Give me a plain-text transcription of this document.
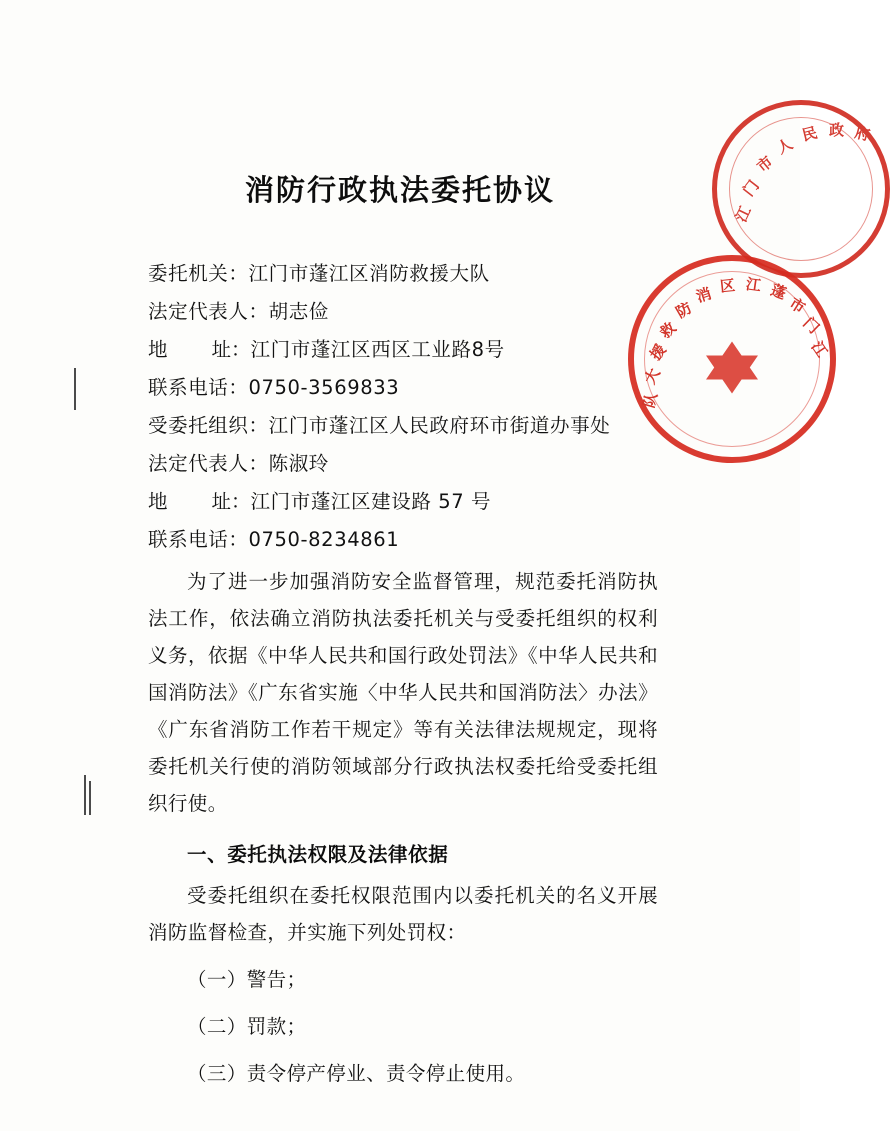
江
门
市
人
民 政 府
队
大
援
救
防
消 区 江 蓬
市
门
江
消防行政执法委托协议
委托机关：江门市蓬江区消防救援大队
法定代表人：胡志俭
地 址：江门市蓬江区西区工业路8号
联系电话：0750-3569833
受委托组织：江门市蓬江区人民政府环市街道办事处
法定代表人：陈淑玲
地 址：江门市蓬江区建设路 57 号
联系电话：0750-8234861

为了进一步加强消防安全监督管理，规范委托消防执法工作，依法确立消防执法委托机关与受委托组织的权利义务，依据《中华人民共和国行政处罚法》《中华人民共和国消防法》《广东省实施〈中华人民共和国消防法〉办法》《广东省消防工作若干规定》等有关法律法规规定，现将委托机关行使的消防领域部分行政执法权委托给受委托组织行使。

一、委托执法权限及法律依据

受委托组织在委托权限范围内以委托机关的名义开展消防监督检查，并实施下列处罚权：

（一）警告；

（二）罚款；

（三）责令停产停业、责令停止使用。
